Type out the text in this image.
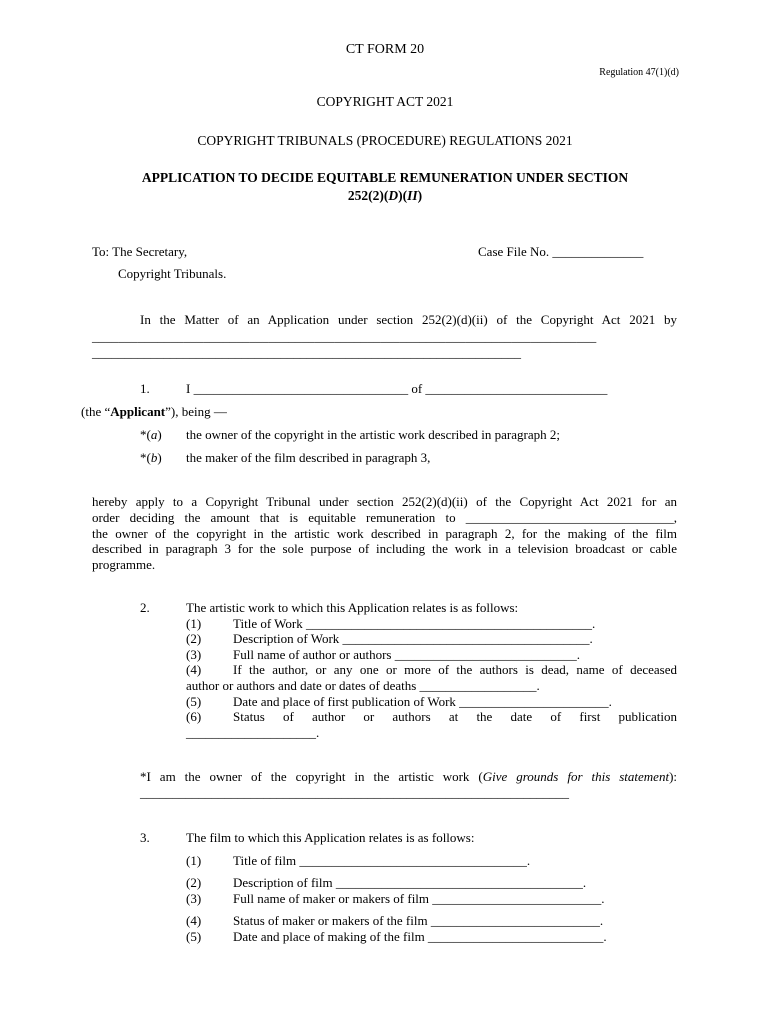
CT FORM 20
Regulation 47(1)(d)
COPYRIGHT ACT 2021
COPYRIGHT TRIBUNALS (PROCEDURE) REGULATIONS 2021
APPLICATION TO DECIDE EQUITABLE REMUNERATION UNDER SECTION
252(2)(D)(II)
To: The Secretary,	Case File No. ______________
Copyright Tribunals.
In the Matter of an Application under section 252(2)(d)(ii) of the Copyright Act 2021 by
_____________________________________________________________________________
__________________________________________________________________
1.	I _________________________________ of ____________________________
(the “Applicant”), being —
*(a) the owner of the copyright in the artistic work described in paragraph 2;
*(b) the maker of the film described in paragraph 3,
hereby apply to a Copyright Tribunal under section 252(2)(d)(ii) of the Copyright Act 2021 for an
order deciding the amount that is equitable remuneration to ________________________________,
the owner of the copyright in the artistic work described in paragraph 2, for the making of the film
described in paragraph 3 for the sole purpose of including the work in a television broadcast or cable
programme.
2.	The artistic work to which this Application relates is as follows:
(1) Title of Work ____________________________________________.
(2) Description of Work ______________________________________.
(3) Full name of author or authors ____________________________.
(4) If the author, or any one or more of the authors is dead, name of deceased
author or authors and date or dates of deaths __________________.
(5) Date and place of first publication of Work _______________________.
(6) Status of author or authors at the date of first publication
____________________.
*I am the owner of the copyright in the artistic work (Give grounds for this statement):
__________________________________________________________________
3.	The film to which this Application relates is as follows:
(1) Title of film ___________________________________.
(2) Description of film ______________________________________.
(3) Full name of maker or makers of film __________________________.
(4) Status of maker or makers of the film __________________________.
(5) Date and place of making of the film ___________________________.
